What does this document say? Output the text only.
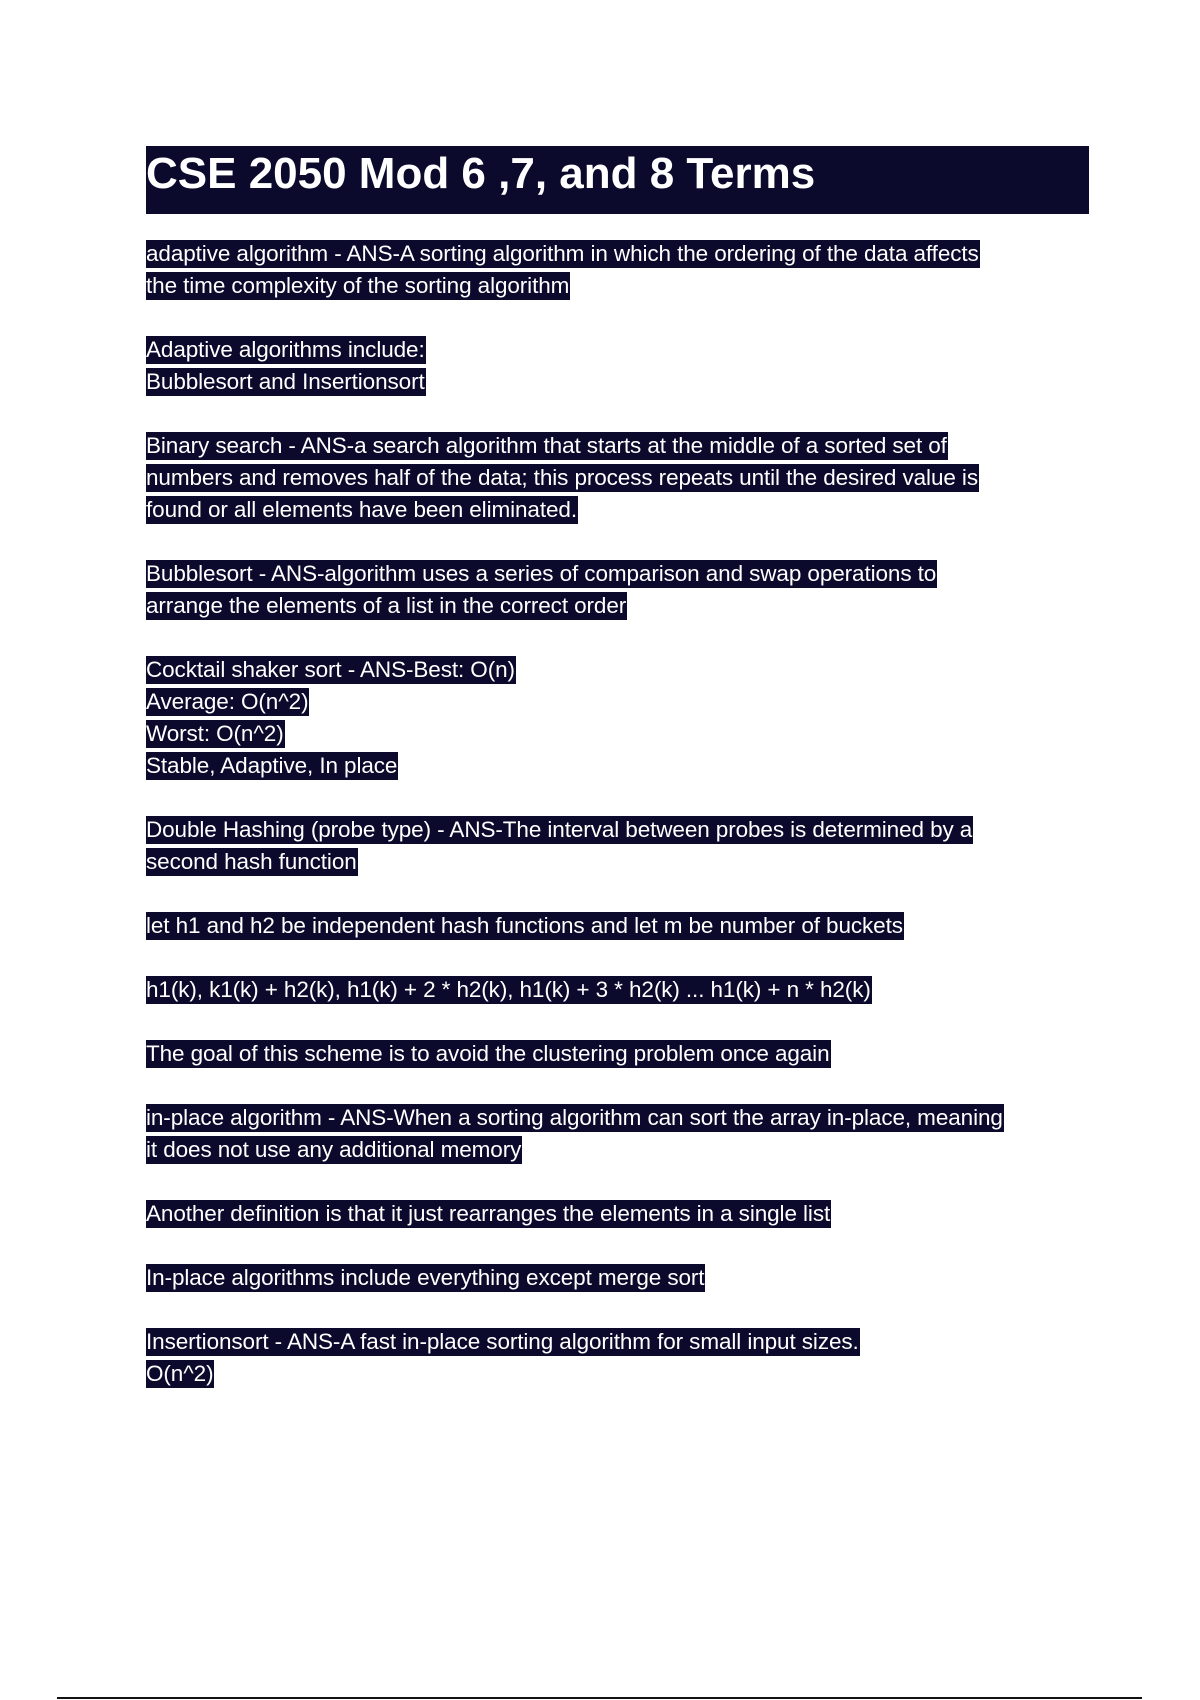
CSE 2050 Mod 6 ,7, and 8 Terms
adaptive algorithm - ANS-A sorting algorithm in which the ordering of the data affects
the time complexity of the sorting algorithm
Adaptive algorithms include:
Bubblesort and Insertionsort
Binary search - ANS-a search algorithm that starts at the middle of a sorted set of
numbers and removes half of the data; this process repeats until the desired value is
found or all elements have been eliminated.
Bubblesort - ANS-algorithm uses a series of comparison and swap operations to
arrange the elements of a list in the correct order
Cocktail shaker sort - ANS-Best: O(n)
Average: O(n^2)
Worst: O(n^2)
Stable, Adaptive, In place
Double Hashing (probe type) - ANS-The interval between probes is determined by a
second hash function
let h1 and h2 be independent hash functions and let m be number of buckets
h1(k), k1(k) + h2(k), h1(k) + 2 * h2(k), h1(k) + 3 * h2(k) ... h1(k) + n * h2(k)
The goal of this scheme is to avoid the clustering problem once again
in-place algorithm - ANS-When a sorting algorithm can sort the array in-place, meaning
it does not use any additional memory
Another definition is that it just rearranges the elements in a single list
In-place algorithms include everything except merge sort
Insertionsort - ANS-A fast in-place sorting algorithm for small input sizes.
O(n^2)
